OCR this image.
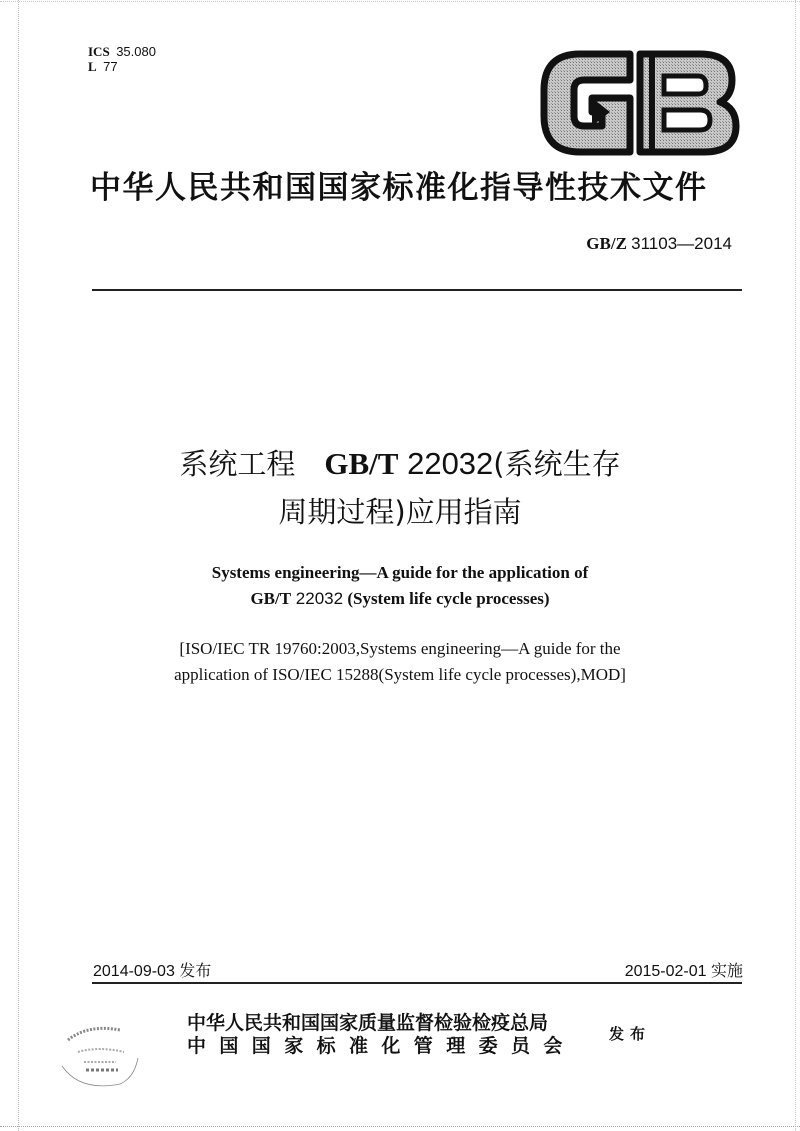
ICS 35.080
L 77
中华人民共和国国家标准化指导性技术文件
GB/Z 31103—2014
系统工程　GB/T 22032(系统生存
周期过程)应用指南
Systems engineering—A guide for the application of
GB/T 22032 (System life cycle processes)
[ISO/IEC TR 19760:2003,Systems engineering—A guide for the
application of ISO/IEC 15288(System life cycle processes),MOD]
2014-09-03 发布	2015-02-01 实施
中华人民共和国国家质量监督检验检疫总局
中国国家标准化管理委员会
发布
